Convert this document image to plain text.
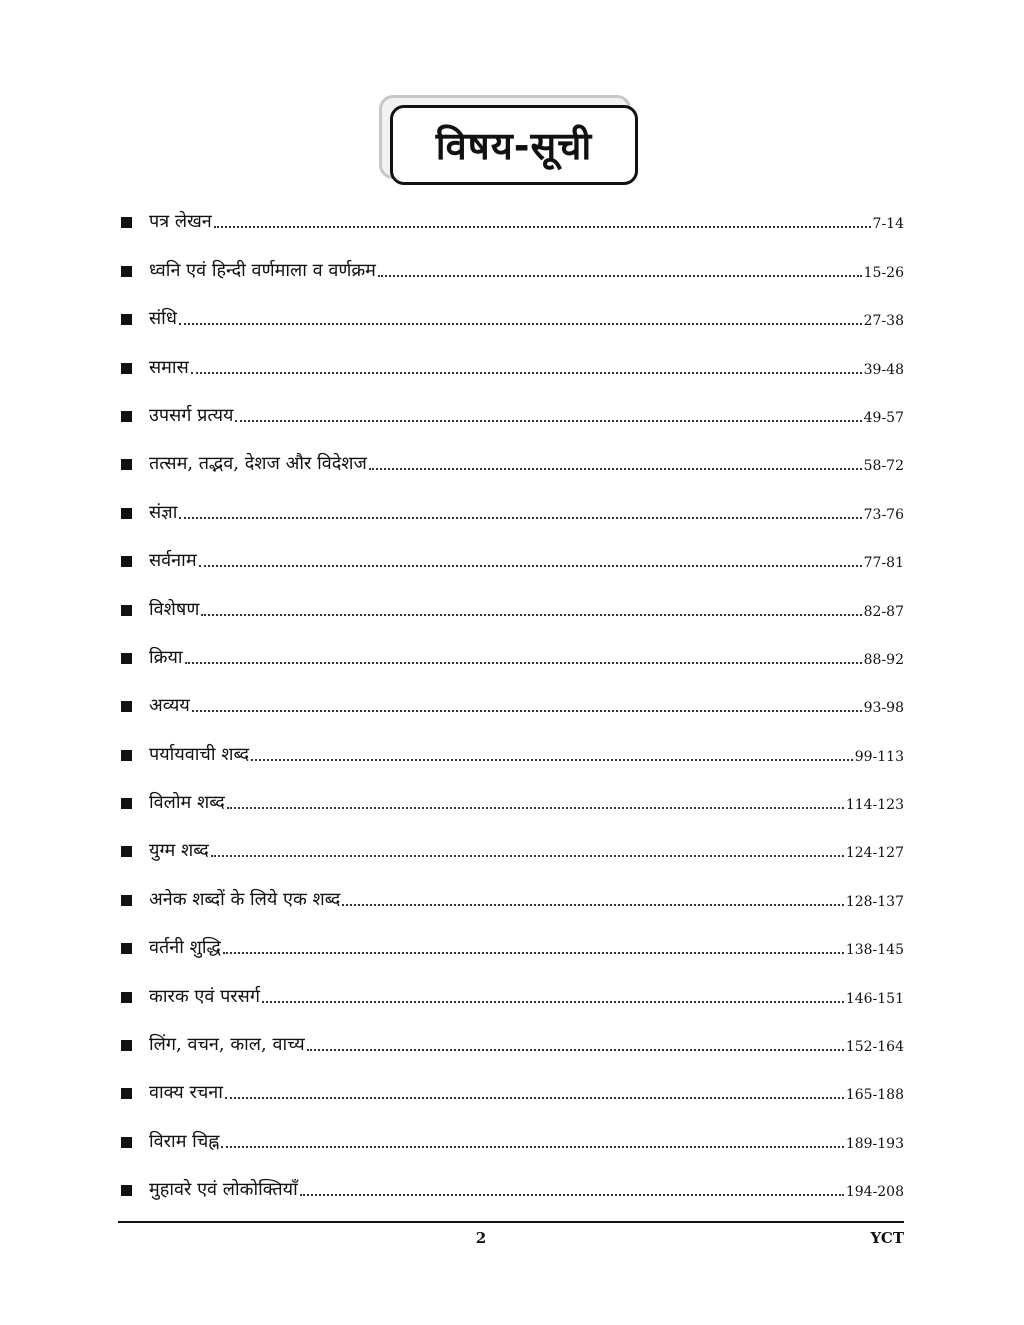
विषय-सूची
पत्र लेखन	7-14
ध्वनि एवं हिन्दी वर्णमाला व वर्णक्रम	15-26
संधि	27-38
समास	39-48
उपसर्ग प्रत्यय	49-57
तत्सम, तद्भव, देशज और विदेशज	58-72
संज्ञा	73-76
सर्वनाम	77-81
विशेषण	82-87
क्रिया	88-92
अव्यय	93-98
पर्यायवाची शब्द	99-113
विलोम शब्द	114-123
युग्म शब्द	124-127
अनेक शब्दों के लिये एक शब्द	128-137
वर्तनी शुद्धि	138-145
कारक एवं परसर्ग	146-151
लिंग, वचन, काल, वाच्य	152-164
वाक्य रचना	165-188
विराम चिह्न	189-193
मुहावरे एवं लोकोक्तियाँ	194-208
2	YCT
